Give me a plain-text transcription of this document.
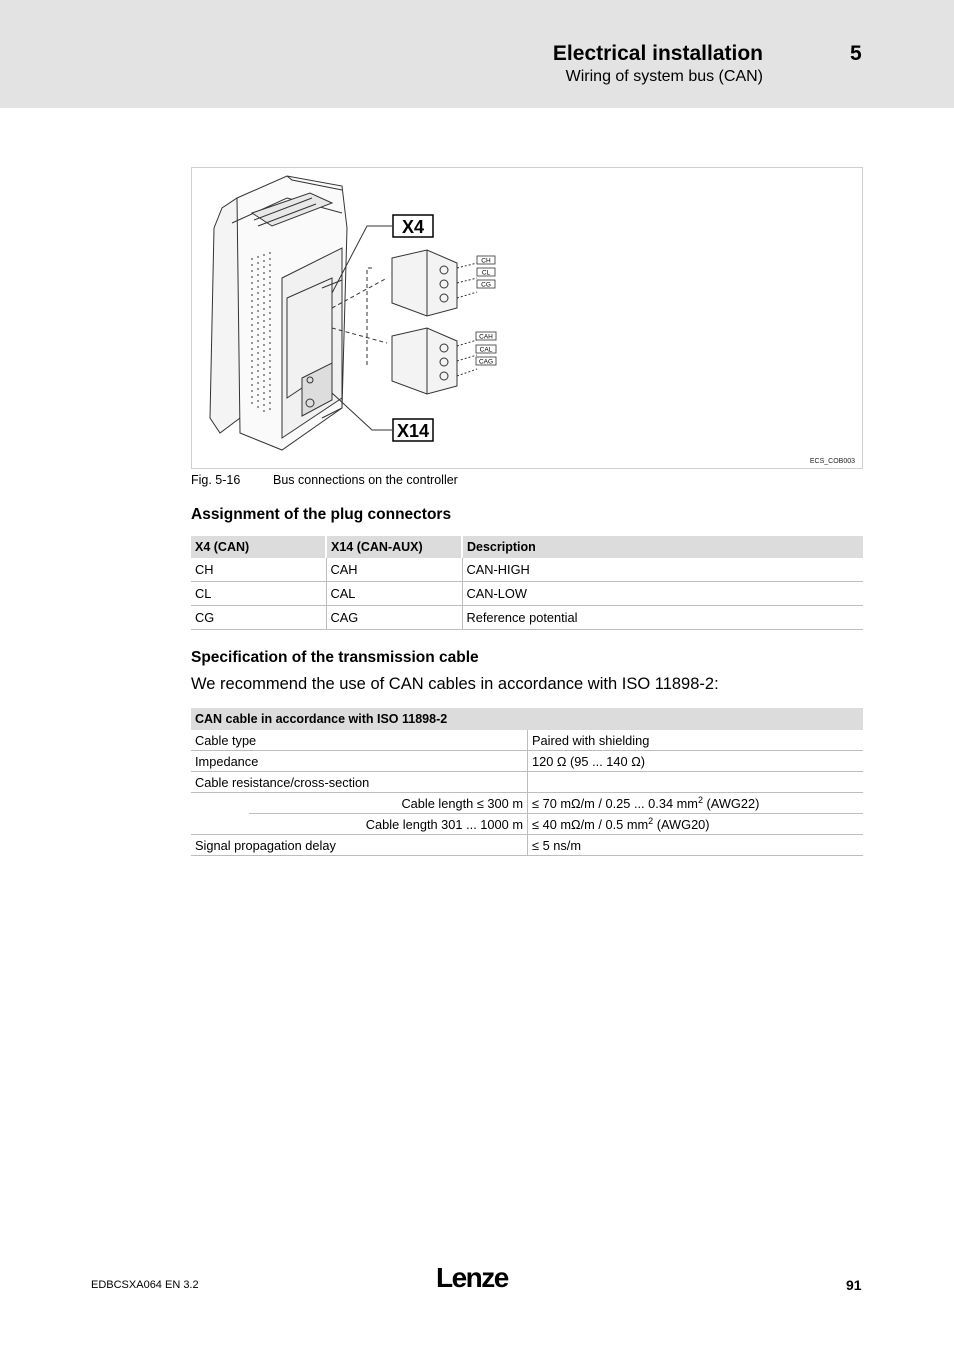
Electrical installation	5
Wiring of system bus (CAN)
X4
X14
CH
CL
CG
CAH
CAL
CAG
ECS_COB003
Fig. 5-16	Bus connections on the controller
Assignment of the plug connectors
X4 (CAN)	X14 (CAN-AUX)	Description
CH	CAH	CAN-HIGH
CL	CAL	CAN-LOW
CG	CAG	Reference potential
Specification of the transmission cable
We recommend the use of CAN cables in accordance with ISO 11898-2:
CAN cable in accordance with ISO 11898-2		
Cable type		Paired with shielding
Impedance		120 Ω (95 ... 140 Ω)
Cable resistance/cross-section		
	Cable length ≤ 300 m	≤ 70 mΩ/m / 0.25 ... 0.34 $mm^2$ (AWG22)
	Cable length 301 ... 1000 m	≤ 40 mΩ/m / 0.5 $mm^2$ (AWG20)
Signal propagation delay		≤ 5 ns/m
EDBCSXA064 EN 3.2	Lenze	91
